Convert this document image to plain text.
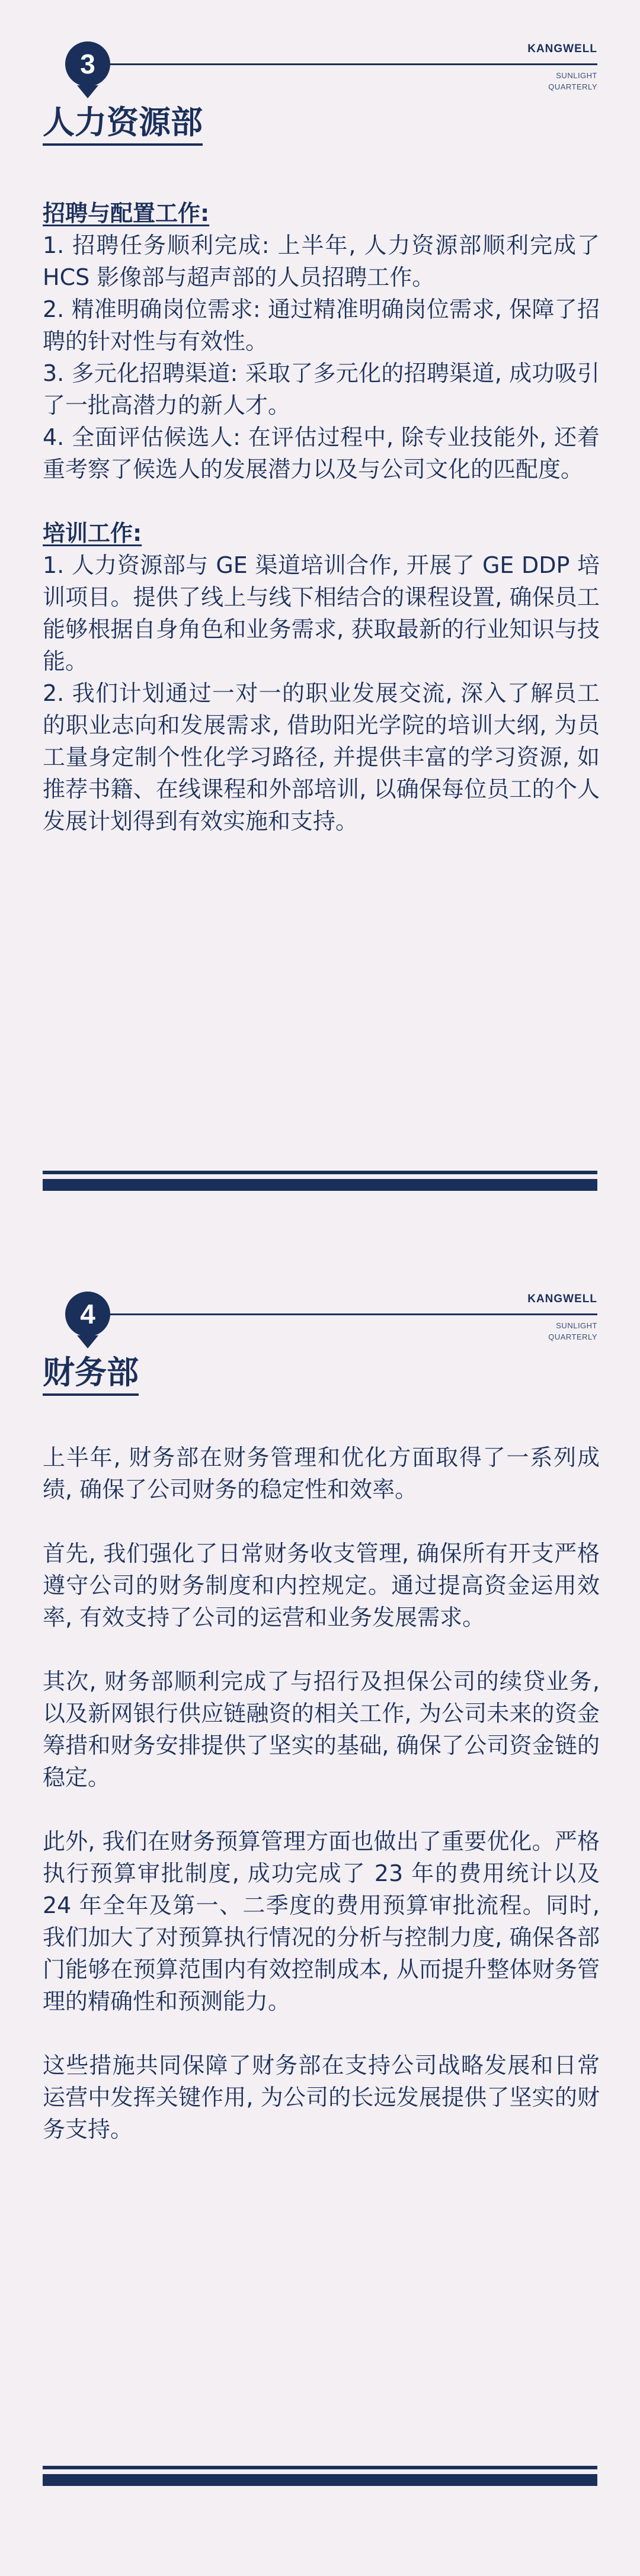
3	KANGWELL
SUNLIGHT
QUARTERLY
人力资源部

招聘与配置工作:

1. 招聘任务顺利完成: 上半年, 人力资源部顺利完成了 HCS 影像部与超声部的人员招聘工作。

2. 精准明确岗位需求: 通过精准明确岗位需求, 保障了招聘的针对性与有效性。

3. 多元化招聘渠道: 采取了多元化的招聘渠道, 成功吸引了一批高潜力的新人才。

4. 全面评估候选人: 在评估过程中, 除专业技能外, 还着重考察了候选人的发展潜力以及与公司文化的匹配度。

培训工作:

1. 人力资源部与 GE 渠道培训合作, 开展了 GE DDP 培训项目。提供了线上与线下相结合的课程设置, 确保员工能够根据自身角色和业务需求, 获取最新的行业知识与技能。

2. 我们计划通过一对一的职业发展交流, 深入了解员工的职业志向和发展需求, 借助阳光学院的培训大纲, 为员工量身定制个性化学习路径, 并提供丰富的学习资源, 如推荐书籍、在线课程和外部培训, 以确保每位员工的个人发展计划得到有效实施和支持。

4	KANGWELL
SUNLIGHT
QUARTERLY
财务部

上半年, 财务部在财务管理和优化方面取得了一系列成绩, 确保了公司财务的稳定性和效率。

首先, 我们强化了日常财务收支管理, 确保所有开支严格遵守公司的财务制度和内控规定。通过提高资金运用效率, 有效支持了公司的运营和业务发展需求。

其次, 财务部顺利完成了与招行及担保公司的续贷业务, 以及新网银行供应链融资的相关工作, 为公司未来的资金筹措和财务安排提供了坚实的基础, 确保了公司资金链的稳定。

此外, 我们在财务预算管理方面也做出了重要优化。严格执行预算审批制度, 成功完成了 23 年的费用统计以及 24 年全年及第一、二季度的费用预算审批流程。同时, 我们加大了对预算执行情况的分析与控制力度, 确保各部门能够在预算范围内有效控制成本, 从而提升整体财务管理的精确性和预测能力。

这些措施共同保障了财务部在支持公司战略发展和日常运营中发挥关键作用, 为公司的长远发展提供了坚实的财务支持。
